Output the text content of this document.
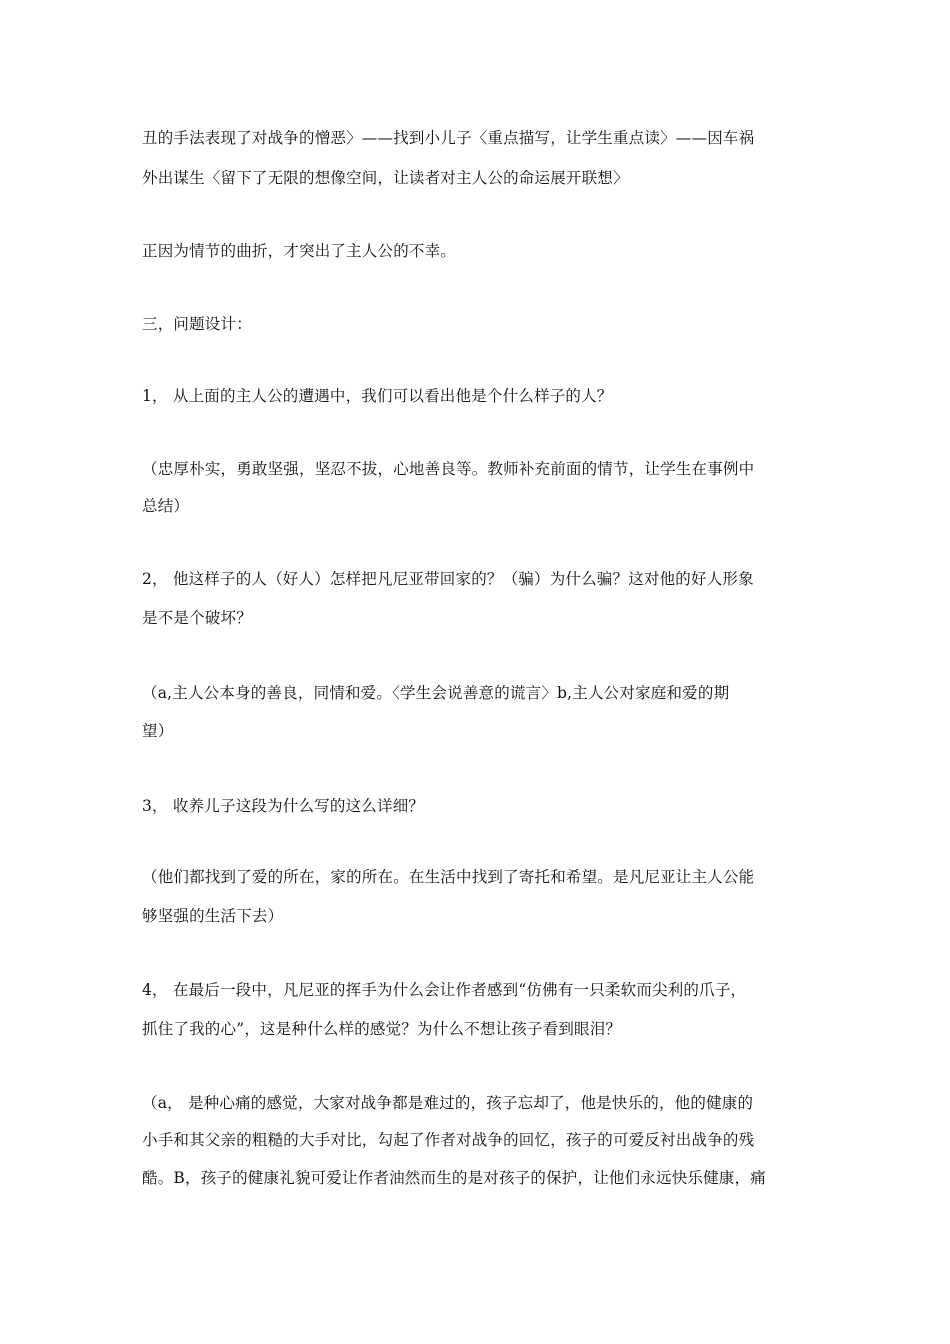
丑的手法表现了对战争的憎恶〉——找到小儿子〈重点描写，让学生重点读〉——因车祸
外出谋生〈留下了无限的想像空间，让读者对主人公的命运展开联想〉
正因为情节的曲折，才突出了主人公的不幸。
三，问题设计：
1， 从上面的主人公的遭遇中，我们可以看出他是个什么样子的人？
（忠厚朴实，勇敢坚强，坚忍不拔，心地善良等。教师补充前面的情节，让学生在事例中
总结）
2， 他这样子的人（好人）怎样把凡尼亚带回家的？（骗）为什么骗？这对他的好人形象
是不是个破坏？
（a,主人公本身的善良，同情和爱。〈学生会说善意的谎言〉b,主人公对家庭和爱的期
望）
3， 收养儿子这段为什么写的这么详细？
（他们都找到了爱的所在，家的所在。在生活中找到了寄托和希望。是凡尼亚让主人公能
够坚强的生活下去）
4， 在最后一段中，凡尼亚的挥手为什么会让作者感到“仿佛有一只柔软而尖利的爪子，
抓住了我的心”，这是种什么样的感觉？为什么不想让孩子看到眼泪？
（a， 是种心痛的感觉，大家对战争都是难过的，孩子忘却了，他是快乐的，他的健康的
小手和其父亲的粗糙的大手对比，勾起了作者对战争的回忆，孩子的可爱反衬出战争的残
酷。B，孩子的健康礼貌可爱让作者油然而生的是对孩子的保护，让他们永远快乐健康，痛
